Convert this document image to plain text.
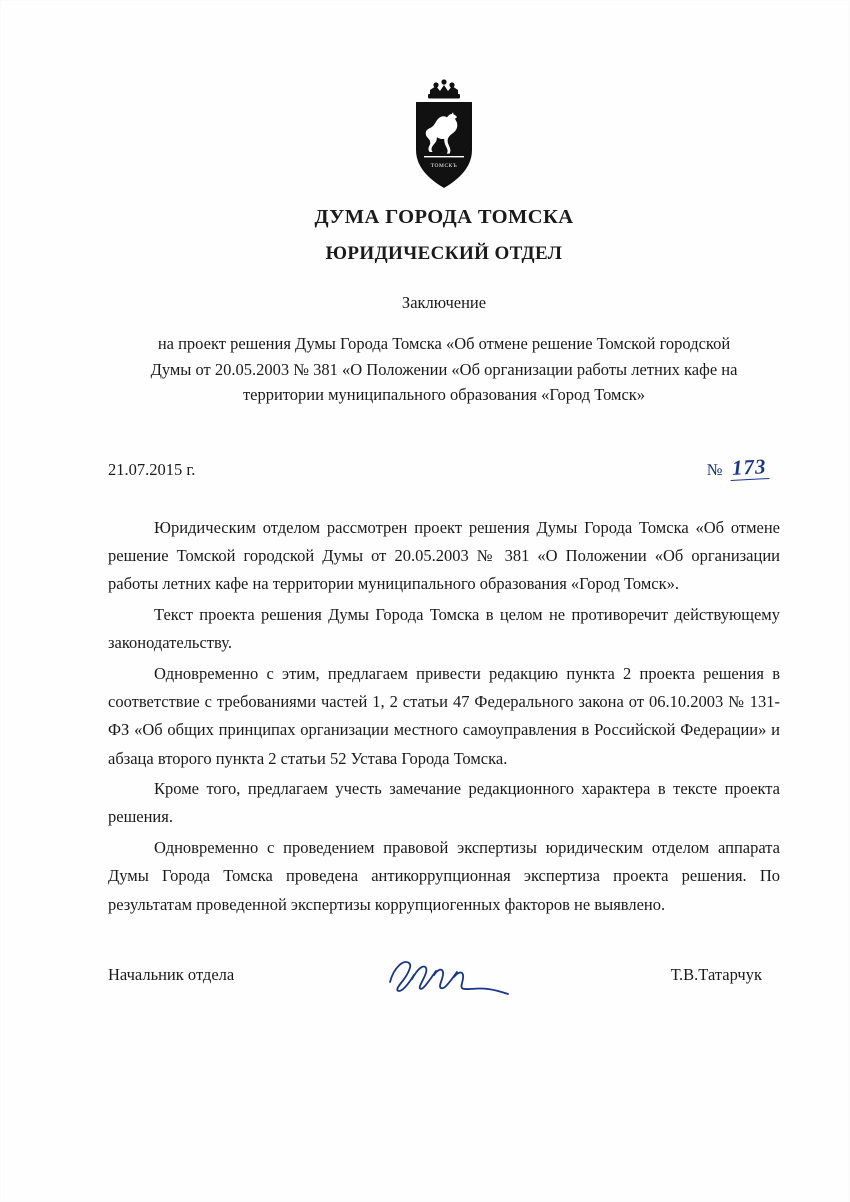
ТОМСКЪ
ДУМА ГОРОДА ТОМСКА
ЮРИДИЧЕСКИЙ ОТДЕЛ
Заключение
на проект решения Думы Города Томска «Об отмене решение Томской городской Думы от 20.05.2003 № 381 «О Положении «Об организации работы летних кафе на территории муниципального образования «Город Томск»
21.07.2015 г.	№ 173

Юридическим отделом рассмотрен проект решения Думы Города Томска «Об отмене решение Томской городской Думы от 20.05.2003 № 381 «О Положении «Об организации работы летних кафе на территории муниципального образования «Город Томск».

Текст проекта решения Думы Города Томска в целом не противоречит действующему законодательству.

Одновременно с этим, предлагаем привести редакцию пункта 2 проекта решения в соответствие с требованиями частей 1, 2 статьи 47 Федерального закона от 06.10.2003 № 131-ФЗ «Об общих принципах организации местного самоуправления в Российской Федерации» и абзаца второго пункта 2 статьи 52 Устава Города Томска.

Кроме того, предлагаем учесть замечание редакционного характера в тексте проекта решения.

Одновременно с проведением правовой экспертизы юридическим отделом аппарата Думы Города Томска проведена антикоррупционная экспертиза проекта решения. По результатам проведенной экспертизы коррупциогенных факторов не выявлено.

Начальник отдела	Т.В.Татарчук
